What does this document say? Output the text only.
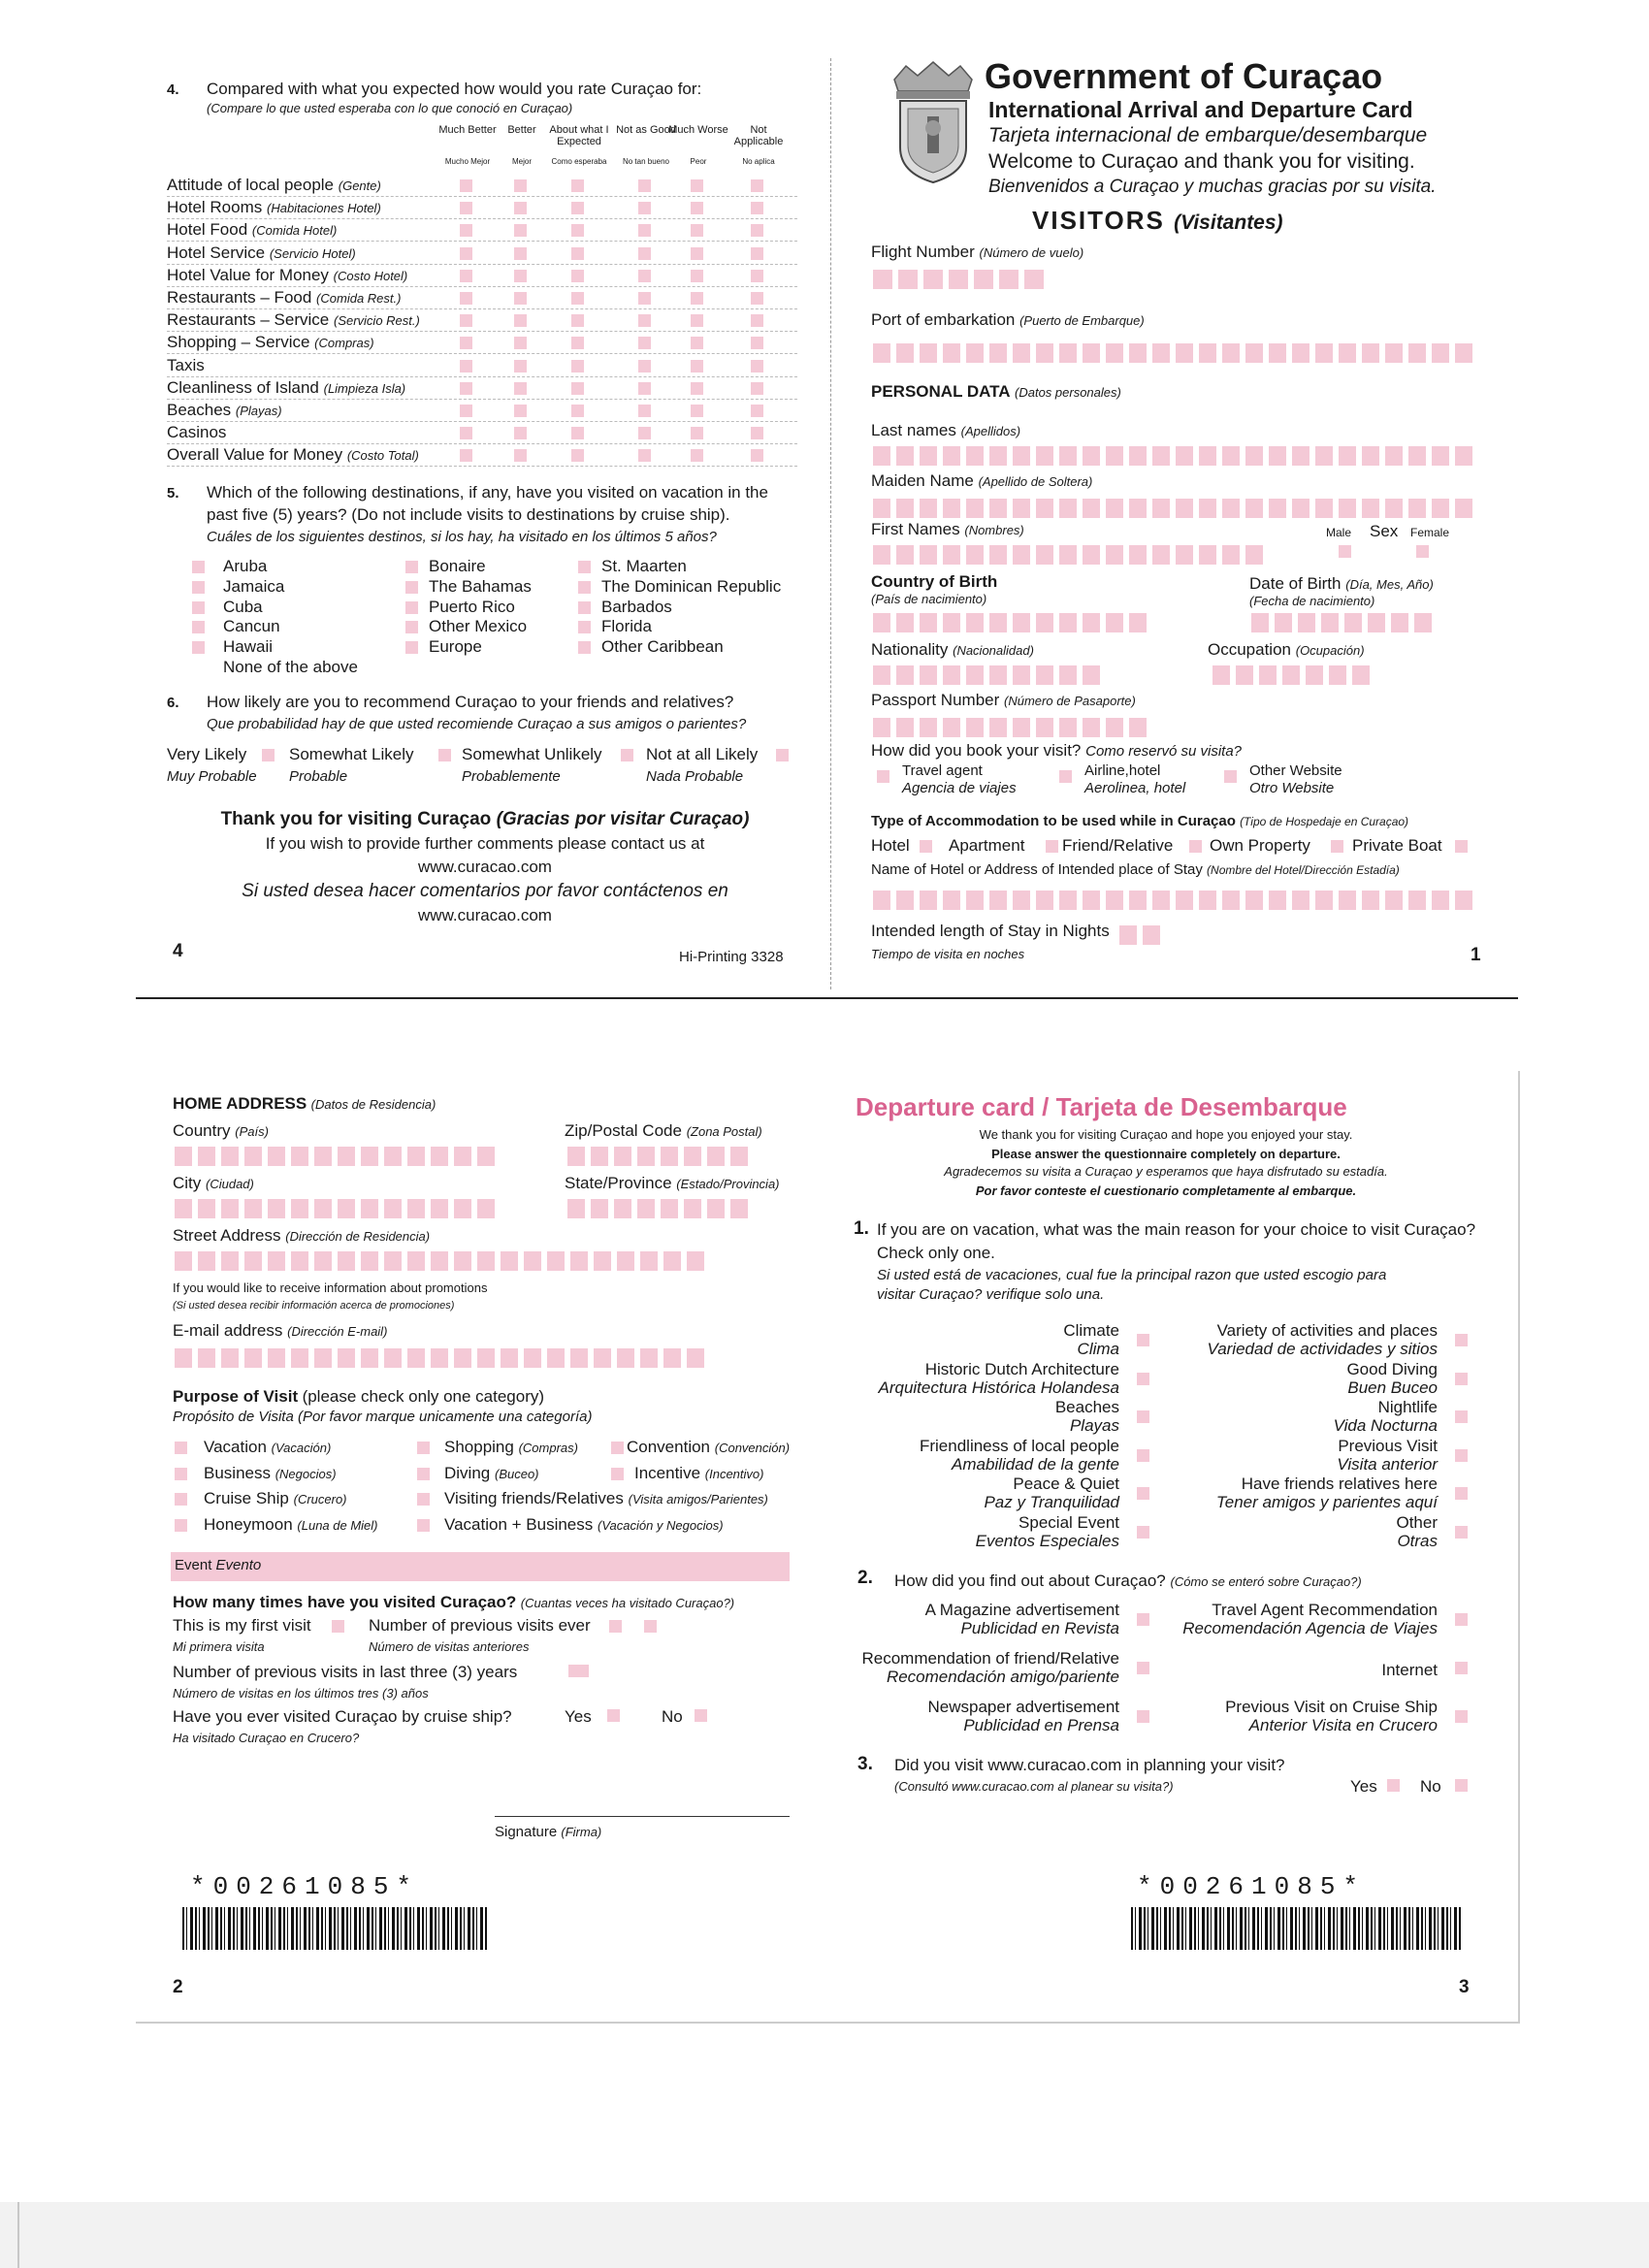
4. Compared with what you expected how would you rate Curaçao for:
(Compare lo que usted esperaba con lo que conoció en Curaçao)
Much Better
Mucho Mejor
Better
Mejor
About what I Expected
Como esperaba
Not as Good
No tan bueno
Much Worse
Peor
Not Applicable
No aplica
Attitude of local people (Gente)
Hotel Rooms (Habitaciones Hotel)
Hotel Food (Comida Hotel)
Hotel Service (Servicio Hotel)
Hotel Value for Money (Costo Hotel)
Restaurants – Food (Comida Rest.)
Restaurants – Service (Servicio Rest.)
Shopping – Service (Compras)
Taxis
Cleanliness of Island (Limpieza Isla)
Beaches (Playas)
Casinos
Overall Value for Money (Costo Total)
5. Which of the following destinations, if any, have you visited on vacation in the
past five (5) years? (Do not include visits to destinations by cruise ship).
Cuáles de los siguientes destinos, si los hay, ha visitado en los últimos 5 años?
Aruba
Jamaica
Cuba
Cancun
Hawaii
None of the above
Bonaire
The Bahamas
Puerto Rico
Other Mexico
Europe
St. Maarten
The Dominican Republic
Barbados
Florida
Other Caribbean
6. How likely are you to recommend Curaçao to your friends and relatives?
Que probabilidad hay de que usted recomiende Curaçao a sus amigos o parientes?
Very Likely
Muy Probable
Somewhat Likely
Probable
Somewhat Unlikely
Probablemente
Not at all Likely
Nada Probable
Thank you for visiting Curaçao (Gracias por visitar Curaçao)
If you wish to provide further comments please contact us at
www.curacao.com
Si usted desea hacer comentarios por favor contáctenos en
www.curacao.com
4	Hi-Printing 3328
Government of Curaçao
International Arrival and Departure Card
Tarjeta internacional de embarque/desembarque
Welcome to Curaçao and thank you for visiting.
Bienvenidos a Curaçao y muchas gracias por su visita.
VISITORS (Visitantes)
Flight Number (Número de vuelo)
Port of embarkation (Puerto de Embarque)
PERSONAL DATA (Datos personales)
Last names (Apellidos)
Maiden Name (Apellido de Soltera)
First Names (Nombres)	Male Sex Female
Country of Birth
(País de nacimiento)
Date of Birth (Día, Mes, Año)
(Fecha de nacimiento)
Nationality (Nacionalidad)	Occupation (Ocupación)
Passport Number (Número de Pasaporte)
How did you book your visit? Como reservó su visita?
Travel agent
Agencia de viajes
Airline,hotel
Aerolinea, hotel
Other Website
Otro Website
Type of Accommodation to be used while in Curaçao (Tipo de Hospedaje en Curaçao)
Hotel Apartment Friend/Relative Own Property	Private Boat
Name of Hotel or Address of Intended place of Stay (Nombre del Hotel/Dirección Estadía)
Intended length of Stay in Nights
Tiempo de visita en noches	1
HOME ADDRESS (Datos de Residencia)
Country (País)	Zip/Postal Code (Zona Postal)
City (Ciudad)	State/Province (Estado/Provincia)
Street Address (Dirección de Residencia)
If you would like to receive information about promotions
(Si usted desea recibir información acerca de promociones)
E-mail address (Dirección E-mail)
Purpose of Visit (please check only one category)
Propósito de Visita (Por favor marque unicamente una categoría)
Vacation (Vacación)
Business (Negocios)
Cruise Ship (Crucero)
Honeymoon (Luna de Miel)
Shopping (Compras)
Diving (Buceo)
Visiting friends/Relatives (Visita amigos/Parientes)
Vacation + Business (Vacación y Negocios)
Convention (Convención)
Incentive (Incentivo)
Event Evento
How many times have you visited Curaçao? (Cuantas veces ha visitado Curaçao?)
This is my first visit
Mi primera visita
Number of previous visits ever
Número de visitas anteriores
Number of previous visits in last three (3) years
Número de visitas en los últimos tres (3) años
Have you ever visited Curaçao by cruise ship?
Ha visitado Curaçao en Crucero?
Yes	No
Signature (Firma)
*00261085*
2
Departure card / Tarjeta de Desembarque
We thank you for visiting Curaçao and hope you enjoyed your stay.
Please answer the questionnaire completely on departure.
Agradecemos su visita a Curaçao y esperamos que haya disfrutado su estadía.
Por favor conteste el cuestionario completamente al embarque.
1. If you are on vacation, what was the main reason for your choice to visit Curaçao?
Check only one.
Si usted está de vacaciones, cual fue la principal razon que usted escogio para
visitar Curaçao? verifique solo una.
Climate
Clima
Historic Dutch Architecture
Arquitectura Histórica Holandesa
Beaches
Playas
Friendliness of local people
Amabilidad de la gente
Peace & Quiet
Paz y Tranquilidad
Special Event
Eventos Especiales
Variety of activities and places
Variedad de actividades y sitios
Good Diving
Buen Buceo
Nightlife
Vida Nocturna
Previous Visit
Visita anterior
Have friends relatives here
Tener amigos y parientes aquí
Other
Otras
2. How did you find out about Curaçao? (Cómo se enteró sobre Curaçao?)
A Magazine advertisement
Publicidad en Revista
Recommendation of friend/Relative
Recomendación amigo/pariente
Newspaper advertisement
Publicidad en Prensa
Travel Agent Recommendation
Recomendación Agencia de Viajes
Internet
Previous Visit on Cruise Ship
Anterior Visita en Crucero
3. Did you visit www.curacao.com in planning your visit?
(Consultó www.curacao.com al planear su visita?)	Yes	No
*00261085*
3
